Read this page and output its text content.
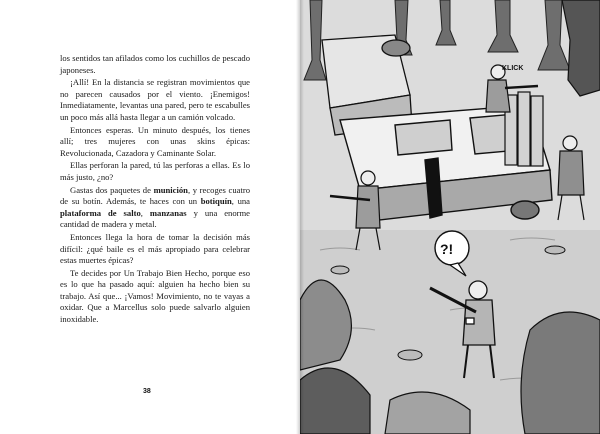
los sentidos tan afilados como los cuchillos de pescado japoneses.

¡Allí! En la distancia se registran movimientos que no parecen causados por el viento. ¡Enemigos! Inmediatamente, levantas una pared, pero te escabulles un poco más allá hasta llegar a un camión volcado.

Entonces esperas. Un minuto después, los tienes allí; tres mujeres con unas skins épicas: Revolucionada, Cazadora y Caminante Solar.

Ellas perforan la pared, tú las perforas a ellas. Es lo más justo, ¿no?

Gastas dos paquetes de munición, y recoges cuatro de su botín. Además, te haces con un botiquín, una plataforma de salto, manzanas y una enorme cantidad de madera y metal.

Entonces llega la hora de tomar la decisión más difícil: ¿qué baile es el más apropiado para celebrar estas muertes épicas?

Te decides por Un Trabajo Bien Hecho, porque eso es lo que ha pasado aquí: alguien ha hecho bien su trabajo. Así que... ¡Vamos! Movimiento, no te vayas a oxidar. Que a Marcellus solo puede salvarlo alguien inoxidable.

38
KLICK
?!
